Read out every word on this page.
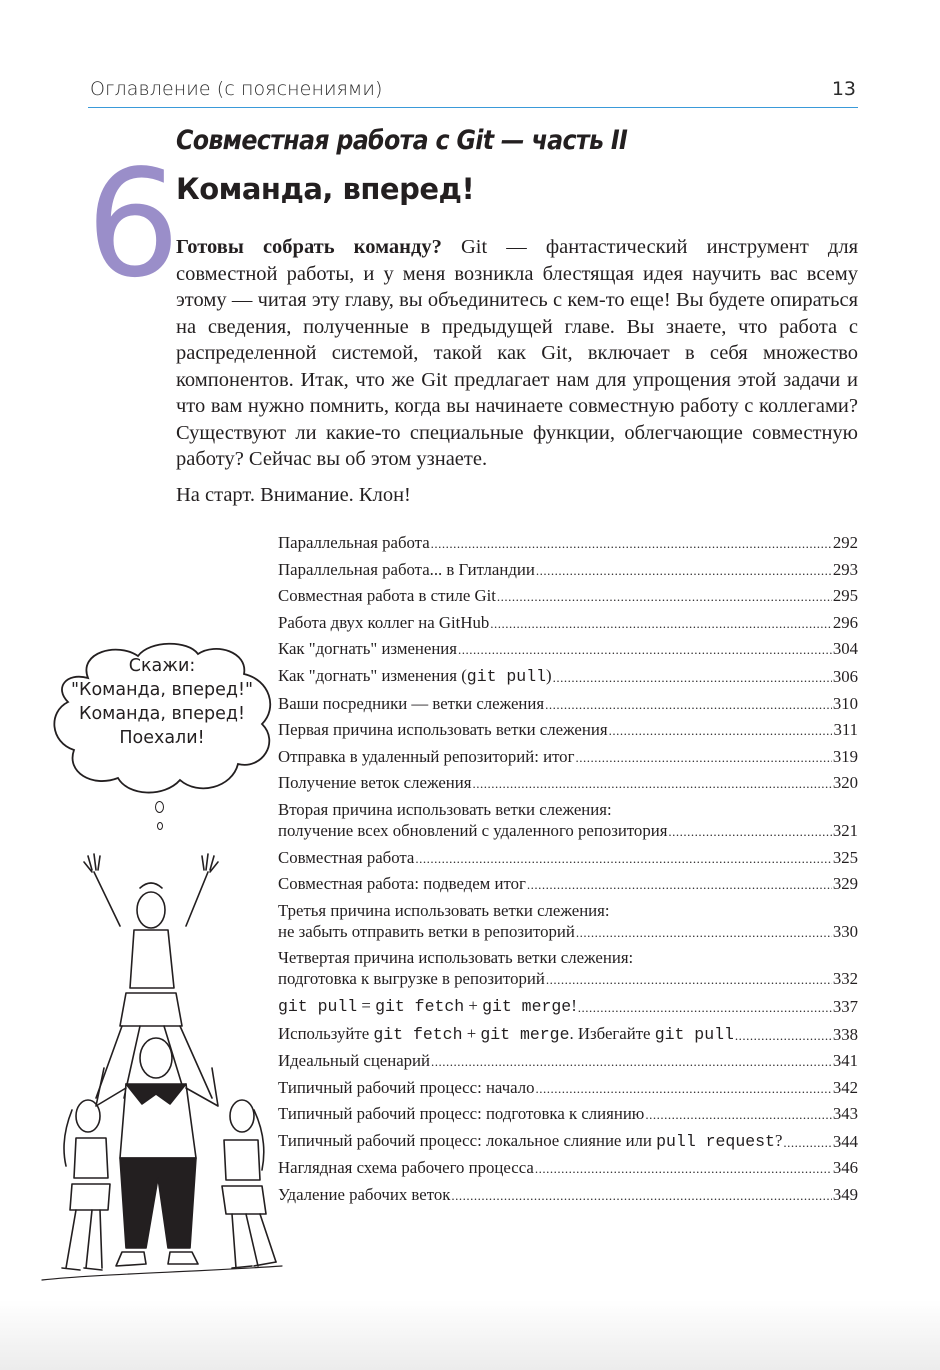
Оглавление (с пояснениями)	13
6
Совместная работа с Git — часть II
Команда, вперед!

Готовы собрать команду? Git — фантастический инструмент для совместной работы, и у меня возникла блестящая идея научить вас всему этому — читая эту главу, вы объединитесь с кем-то еще! Вы будете опираться на сведения, полученные в предыдущей главе. Вы знаете, что работа с распределенной системой, такой как Git, включает в себя множество компонентов. Итак, что же Git предлагает нам для упрощения этой задачи и что вам нужно помнить, когда вы начинаете совместную работу с коллегами? Существуют ли какие-то специальные функции, облегчающие совместную работу? Сейчас вы об этом узнаете.

На старт. Внимание. Клон!

Скажи:
"Команда, вперед!"
Команда, вперед!
Поехали!
Параллельная работа .....	292
Параллельная работа... в Гитландии .....	293
Совместная работа в стиле Git .....	295
Работа двух коллег на GitHub .....	296
Как "догнать" изменения .....	304
Как "догнать" изменения (git pull) .....	306
Ваши посредники — ветки слежения .....	310
Первая причина использовать ветки слежения .....	311
Отправка в удаленный репозиторий: итог .....	319
Получение веток слежения .....	320
Вторая причина использовать ветки слежения:
получение всех обновлений с удаленного репозитория .....	321
Совместная работа .....	325
Совместная работа: подведем итог .....	329
Третья причина использовать ветки слежения:
не забыть отправить ветки в репозиторий .....	330
Четвертая причина использовать ветки слежения:
подготовка к выгрузке в репозиторий .....	332
git pull = git fetch + git merge! .....	337
Используйте git fetch + git merge. Избегайте git pull .....	338
Идеальный сценарий .....	341
Типичный рабочий процесс: начало .....	342
Типичный рабочий процесс: подготовка к слиянию .....	343
Типичный рабочий процесс: локальное слияние или pull request? .....	344
Наглядная схема рабочего процесса .....	346
Удаление рабочих веток .....	349
